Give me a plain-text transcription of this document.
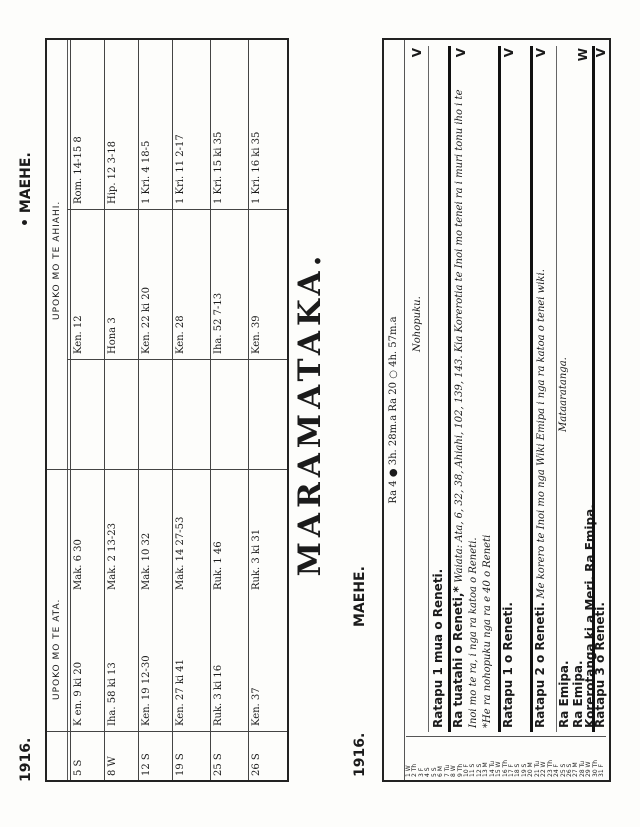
MARAMATAKA.
1916.
MAEHE.
Ra 4 ● 3h. 28m.a Ra 20 ○ 4h. 57m.a
1 W 2 Th 3 F 4 S 5 S 6 M 7 Tu 8 W 9 Th 10 F 11 S 12 S 13 M 14 Tu 15 W 16 Th 17 F 18 S 19 S 20 M 21 Tu 22 W 23 Th 24 F 25 S 26 S 27 M 28 Tu 29 W 30 Th 31 F
Nohopuku.
V
Ratapu 1 mua o Reneti. Ra tuatahi o Reneti,* Waiata: Ata, 6, 32, 38, Ahiahi, 102, 139, 143. Kia Korerotia te Inoi mo tenei ra i muri tonu iho i te Inoi mo te ra, i nga ra katoa o Reneti. *He ra nohopuku nga ra e 40 o Reneti
V
Ratapu 1 o Reneti.
V
Ratapu 2 o Reneti. Me korero te Inoi mo nga Wiki Emipa i nga ra katoa o tenei wiki.
V
Ra Emipa.
Mataaratanga.
Ra Emipa.
Korerotanga ki a Meri. Ra Emipa.
W
Ratapu 3 o Reneti.
V
1916.
• MAEHE.
UPOKO MO TE ATA.
UPOKO MO TE AHIAHI.
5 S
K en. 9 ki 20
Mak. 6 30
Ken. 12
Rom. 14-15 8
8 W
Iha. 58 ki 13
Mak. 2 13-23
Hona 3
Hip. 12 3-18
12 S
Ken. 19 12-30
Mak. 10 32
Ken. 22 ki 20
1 Kri. 4 18-5
19 S
Ken. 27 ki 41
Mak. 14 27-53
Ken. 28
1 Kri. 11 2-17
25 S
Ruk. 3 ki 16
Ruk. 1 46
Iha. 52 7-13
1 Kri. 15 ki 35
26 S
Ken. 37
Ruk. 3 ki 31
Ken. 39
1 Kri. 16 ki 35
